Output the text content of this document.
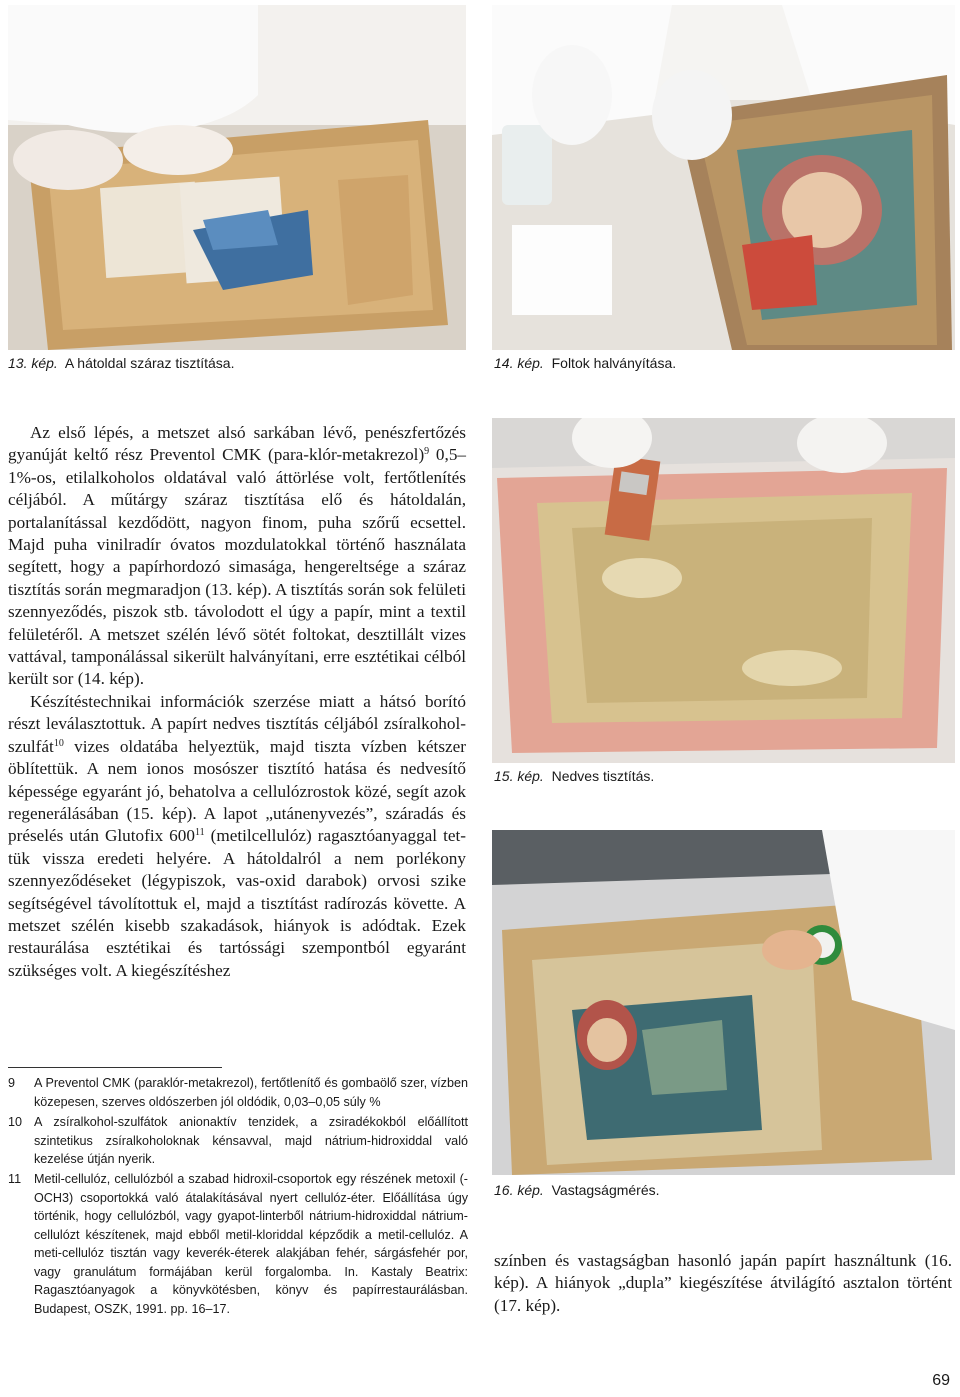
13. kép. A hátoldal száraz tisztítása.	14. kép. Foltok halványítása.
15. kép. Nedves tisztítás.
16. kép. Vastagságmérés.

Az első lépés, a metszet alsó sarkában lévő, penészfertőzés gyanúját keltő rész Preventol CMK (para-klór-metakrezol)$^9$ 0,5–1%-os, etilalkoholos oldatával való áttörlése volt, fertőtlenítés céljából. A műtárgy száraz tisztítása elő és hátoldalán, portalanítással kezdődött, nagyon finom, puha szőrű ecsettel. Majd puha vinilradír óvatos mozdulatokkal történő használata segített, hogy a papírhordozó simasága, hengereltsége a száraz tisztítás során megmaradjon (13. kép). A tisztítás során sok felületi szennyeződés, piszok stb. távolodott el úgy a papír, mint a textil felületéről. A metszet szélén lévő sötét foltokat, desztillált vizes vattával, tamponálással sikerült halványítani, erre esztétikai célból került sor (14. kép).

Készítéstechnikai információk szerzése miatt a hátsó borító részt leválasztottuk. A papírt nedves tisztítás céljából zsíralkohol-szulfát$^{10}$ vizes oldatába helyeztük, majd tiszta vízben kétszer öblítettük. A nem ionos mosószer tisztító hatása és nedvesítő képessége egyaránt jó, behatolva a cellulózrostok közé, segít azok regenerálásában (15. kép). A lapot „utánenyvezés”, száradás és préselés után Glutofix $600^{11}$ (metilcellulóz) ragasztóanyaggal tettük vissza eredeti helyére. A hátoldalról a nem porlékony szennyeződéseket (légypiszok, vas-oxid darabok) orvosi szike segítségével távolítottuk el, majd a tisztítást radírozás követte. A metszet szélén kisebb szakadások, hiányok is adódtak. Ezek restaurálása esztétikai és tartóssági szempontból egyaránt szükséges volt. A kiegészítéshez

színben és vastagságban hasonló japán papírt használtunk (16. kép). A hiányok „dupla” kiegészítése átvilágító asztalon történt (17. kép).

9 A Preventol CMK (paraklór-metakrezol), fertőtlenítő és gombaölő szer, vízben közepesen, szerves oldószerben jól oldódik, 0,03–0,05 súly %
10 A zsíralkohol-szulfátok anionaktív tenzidek, a zsiradékokból előállított szintetikus zsíralkoholoknak kénsavval, majd nátrium-hidroxiddal való kezelése útján nyerik.
11 Metil-cellulóz, cellulózból a szabad hidroxil-csoportok egy részének metoxil (-OCH3) csoportokká való átalakításával nyert cellulóz-éter. Előállítása úgy történik, hogy cellulózból, vagy gyapot-linterből nátrium-hidroxiddal nátrium-cellulózt készítenek, majd ebből metil-kloriddal képződik a metil-cellulóz. A meti-cellulóz tisztán vagy keverék-éterek alakjában fehér, sárgásfehér por, vagy granulátum formájában kerül forgalomba. In. Kastaly Beatrix: Ragasztóanyagok a könyvkötésben, könyv és papírrestaurálásban. Budapest, OSZK, 1991. pp. 16–17.
69
